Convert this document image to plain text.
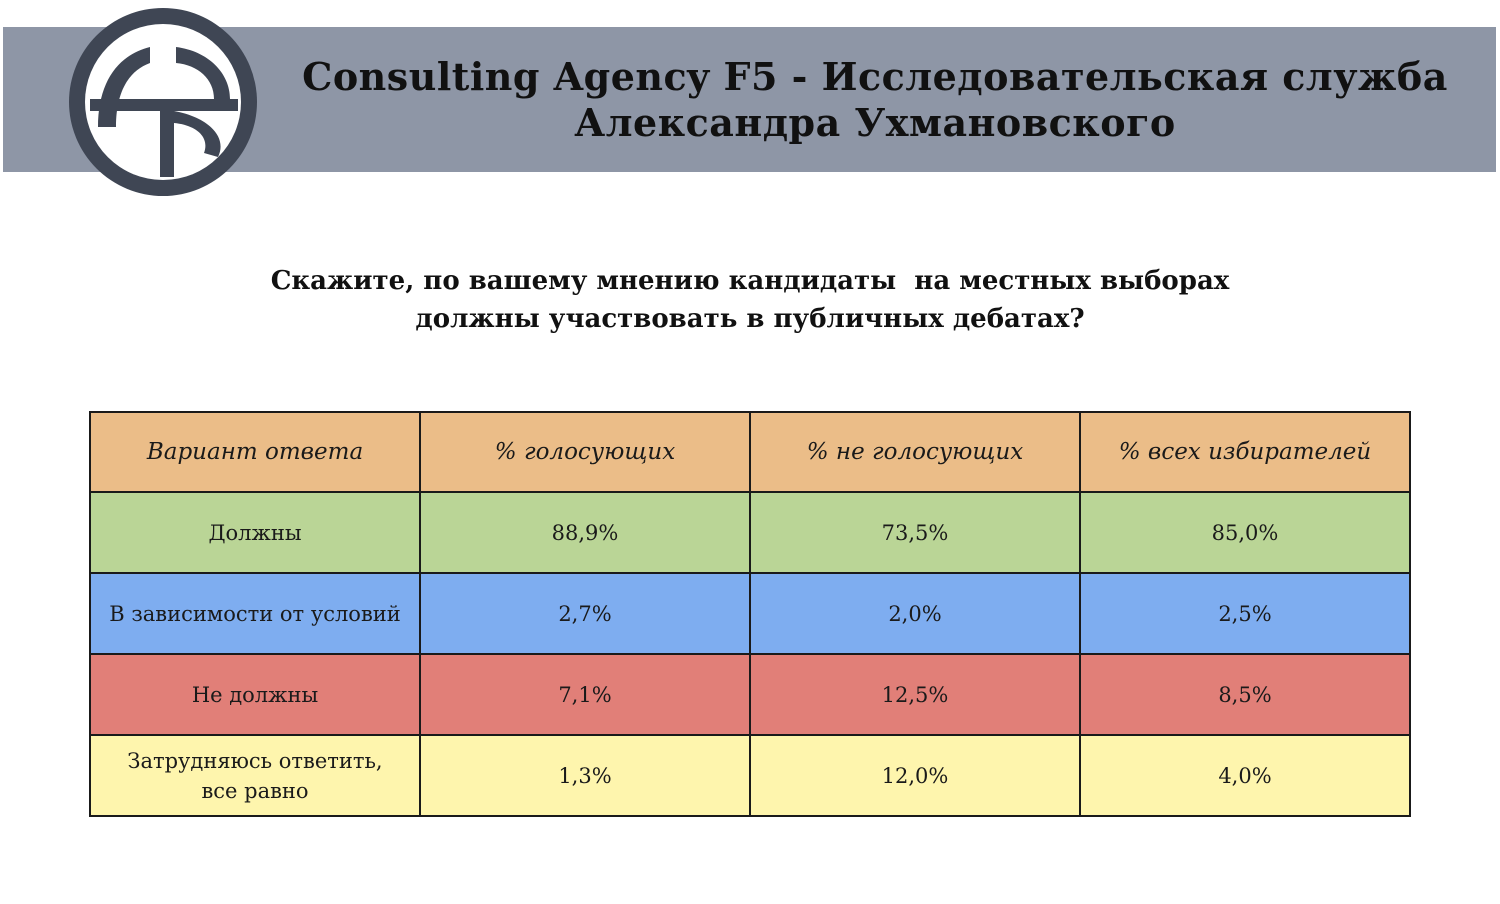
Consulting Agency F5 - Исследовательская служба
Александра Ухмановского
Скажите, по вашему мнению кандидаты  на местных выборах
должны участвовать в публичных дебатах?
Вариант ответа	% голосующих	% не голосующих	% всех избирателей
Должны	88,9%	73,5%	85,0%
В зависимости от условий	2,7%	2,0%	2,5%
Не должны	7,1%	12,5%	8,5%
Затрудняюсь ответить, все равно	1,3%	12,0%	4,0%
